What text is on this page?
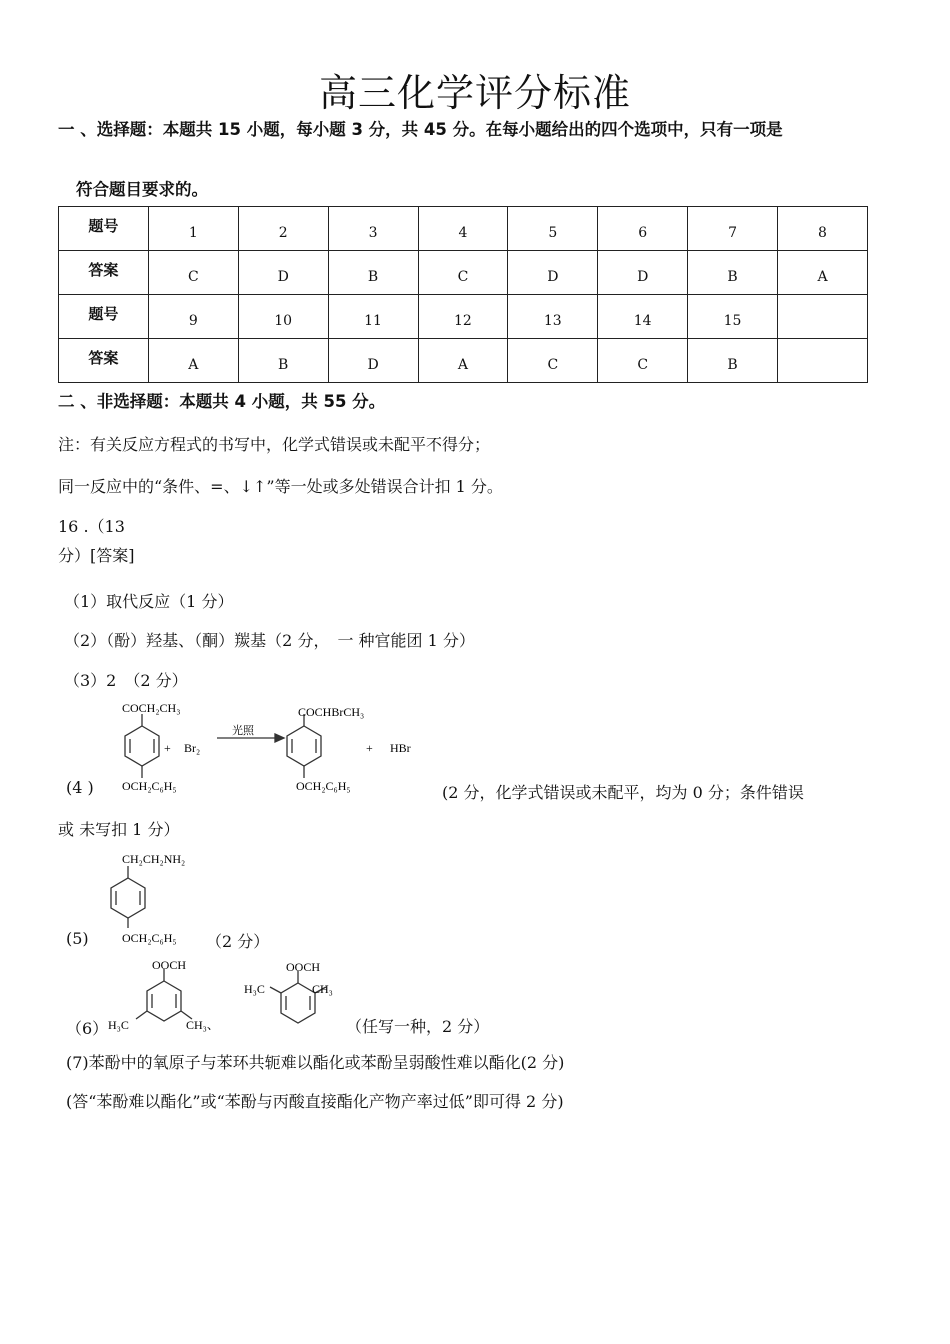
高三化学评分标准
一 、选择题：本题共 15 小题，每小题 3 分，共 45 分。在每小题给出的四个选项中，只有一项是
符合题目要求的。
题号	1	2	3	4	5	6	7	8
答案	C	D	B	C	D	D	B	A
题号	9	10	11	12	13	14	15	
答案	A	B	D	A	C	C	B	
二 、非选择题：本题共 4 小题，共 55 分。
注：有关反应方程式的书写中，化学式错误或未配平不得分；
同一反应中的“条件、=、↓↑”等一处或多处错误合计扣 1 分。
16 .（13
分）[答案]
（1）取代反应（1 分）
（2）（酚）羟基、（酮）羰基（2 分，　一 种官能团 1 分）
（3）2　（2 分）
COCH₂CH₃
OCH₂C₆H₅
+ Br₂
光照
COCHBrCH₃
OCH₂C₆H₅
+ HBr
(4 )	(2 分，化学式错误或未配平，均为 0 分；条件错误
或 未写扣 1 分）
CH₂CH₂NH₂
OCH₂C₆H₅
(5)	（2 分）
OOCH
H₃C	CH₃、
OOCH
H₃C	CH₃
（6）	（任写一种，2 分）
(7)苯酚中的氧原子与苯环共轭难以酯化或苯酚呈弱酸性难以酯化(2 分)
(答“苯酚难以酯化”或“苯酚与丙酸直接酯化产物产率过低”即可得 2 分)
